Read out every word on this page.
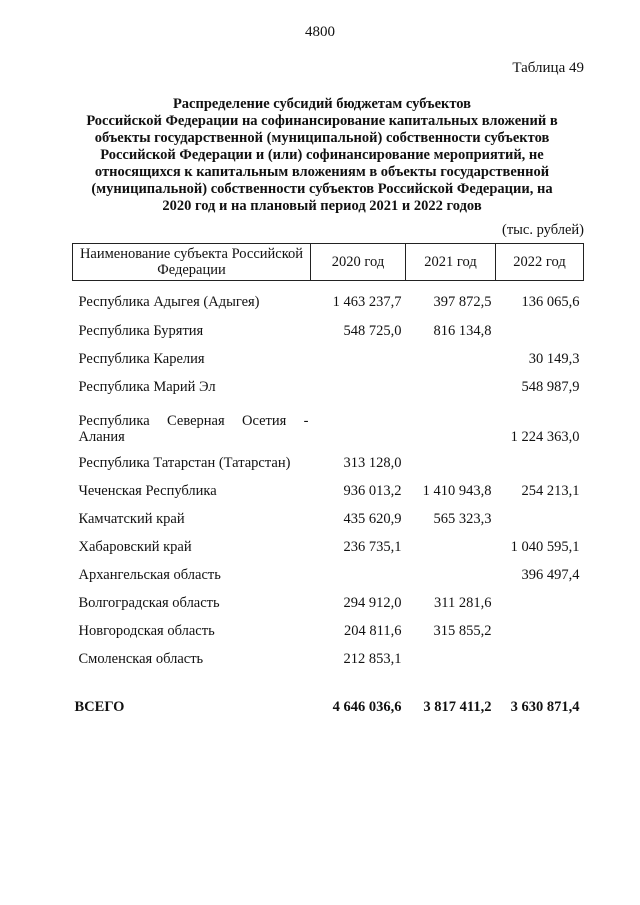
4800
Таблица 49
Распределение субсидий бюджетам субъектов
Российской Федерации на софинансирование капитальных вложений в
объекты государственной (муниципальной) собственности субъектов
Российской Федерации и (или) софинансирование мероприятий, не
относящихся к капитальным вложениям в объекты государственной
(муниципальной) собственности субъектов Российской Федерации, на
2020 год и на плановый период 2021 и 2022 годов
(тыс. рублей)
Наименование субъекта Российской Федерации	2020 год	2021 год	2022 год
Республика Адыгея (Адыгея)	1 463 237,7	397 872,5	136 065,6
Республика Бурятия	548 725,0	816 134,8	
Республика Карелия			30 149,3
Республика Марий Эл			548 987,9

Республика Северная Осетия -
Алания			1 224 363,0
Республика Татарстан (Татарстан)	313 128,0		
Чеченская Республика	936 013,2	1 410 943,8	254 213,1
Камчатский край	435 620,9	565 323,3	
Хабаровский край	236 735,1		1 040 595,1
Архангельская область			396 497,4
Волгоградская область	294 912,0	311 281,6	
Новгородская область	204 811,6	315 855,2	
Смоленская область	212 853,1		
ВСЕГО	4 646 036,6	3 817 411,2	3 630 871,4
